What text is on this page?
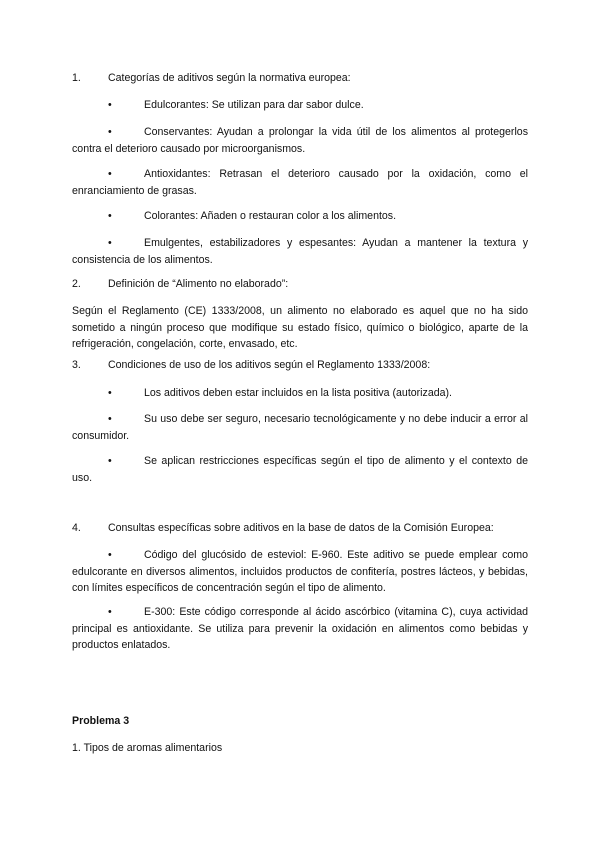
1.	Categorías de aditivos según la normativa europea:
•	Edulcorantes: Se utilizan para dar sabor dulce.
•	Conservantes: Ayudan a prolongar la vida útil de los alimentos al protegerlos contra el deterioro causado por microorganismos.
•	Antioxidantes: Retrasan el deterioro causado por la oxidación, como el enranciamiento de grasas.
•	Colorantes: Añaden o restauran color a los alimentos.
•	Emulgentes, estabilizadores y espesantes: Ayudan a mantener la textura y consistencia de los alimentos.
2.	Definición de “Alimento no elaborado”:
Según el Reglamento (CE) 1333/2008, un alimento no elaborado es aquel que no ha sido sometido a ningún proceso que modifique su estado físico, químico o biológico, aparte de la refrigeración, congelación, corte, envasado, etc.
3.	Condiciones de uso de los aditivos según el Reglamento 1333/2008:
•	Los aditivos deben estar incluidos en la lista positiva (autorizada).
•	Su uso debe ser seguro, necesario tecnológicamente y no debe inducir a error al consumidor.
•	Se aplican restricciones específicas según el tipo de alimento y el contexto de uso.
4.	Consultas específicas sobre aditivos en la base de datos de la Comisión Europea:
•	Código del glucósido de esteviol: E-960. Este aditivo se puede emplear como edulcorante en diversos alimentos, incluidos productos de confitería, postres lácteos, y bebidas, con límites específicos de concentración según el tipo de alimento.
•	E-300: Este código corresponde al ácido ascórbico (vitamina C), cuya actividad principal es antioxidante. Se utiliza para prevenir la oxidación en alimentos como bebidas y productos enlatados.
Problema 3
1. Tipos de aromas alimentarios
